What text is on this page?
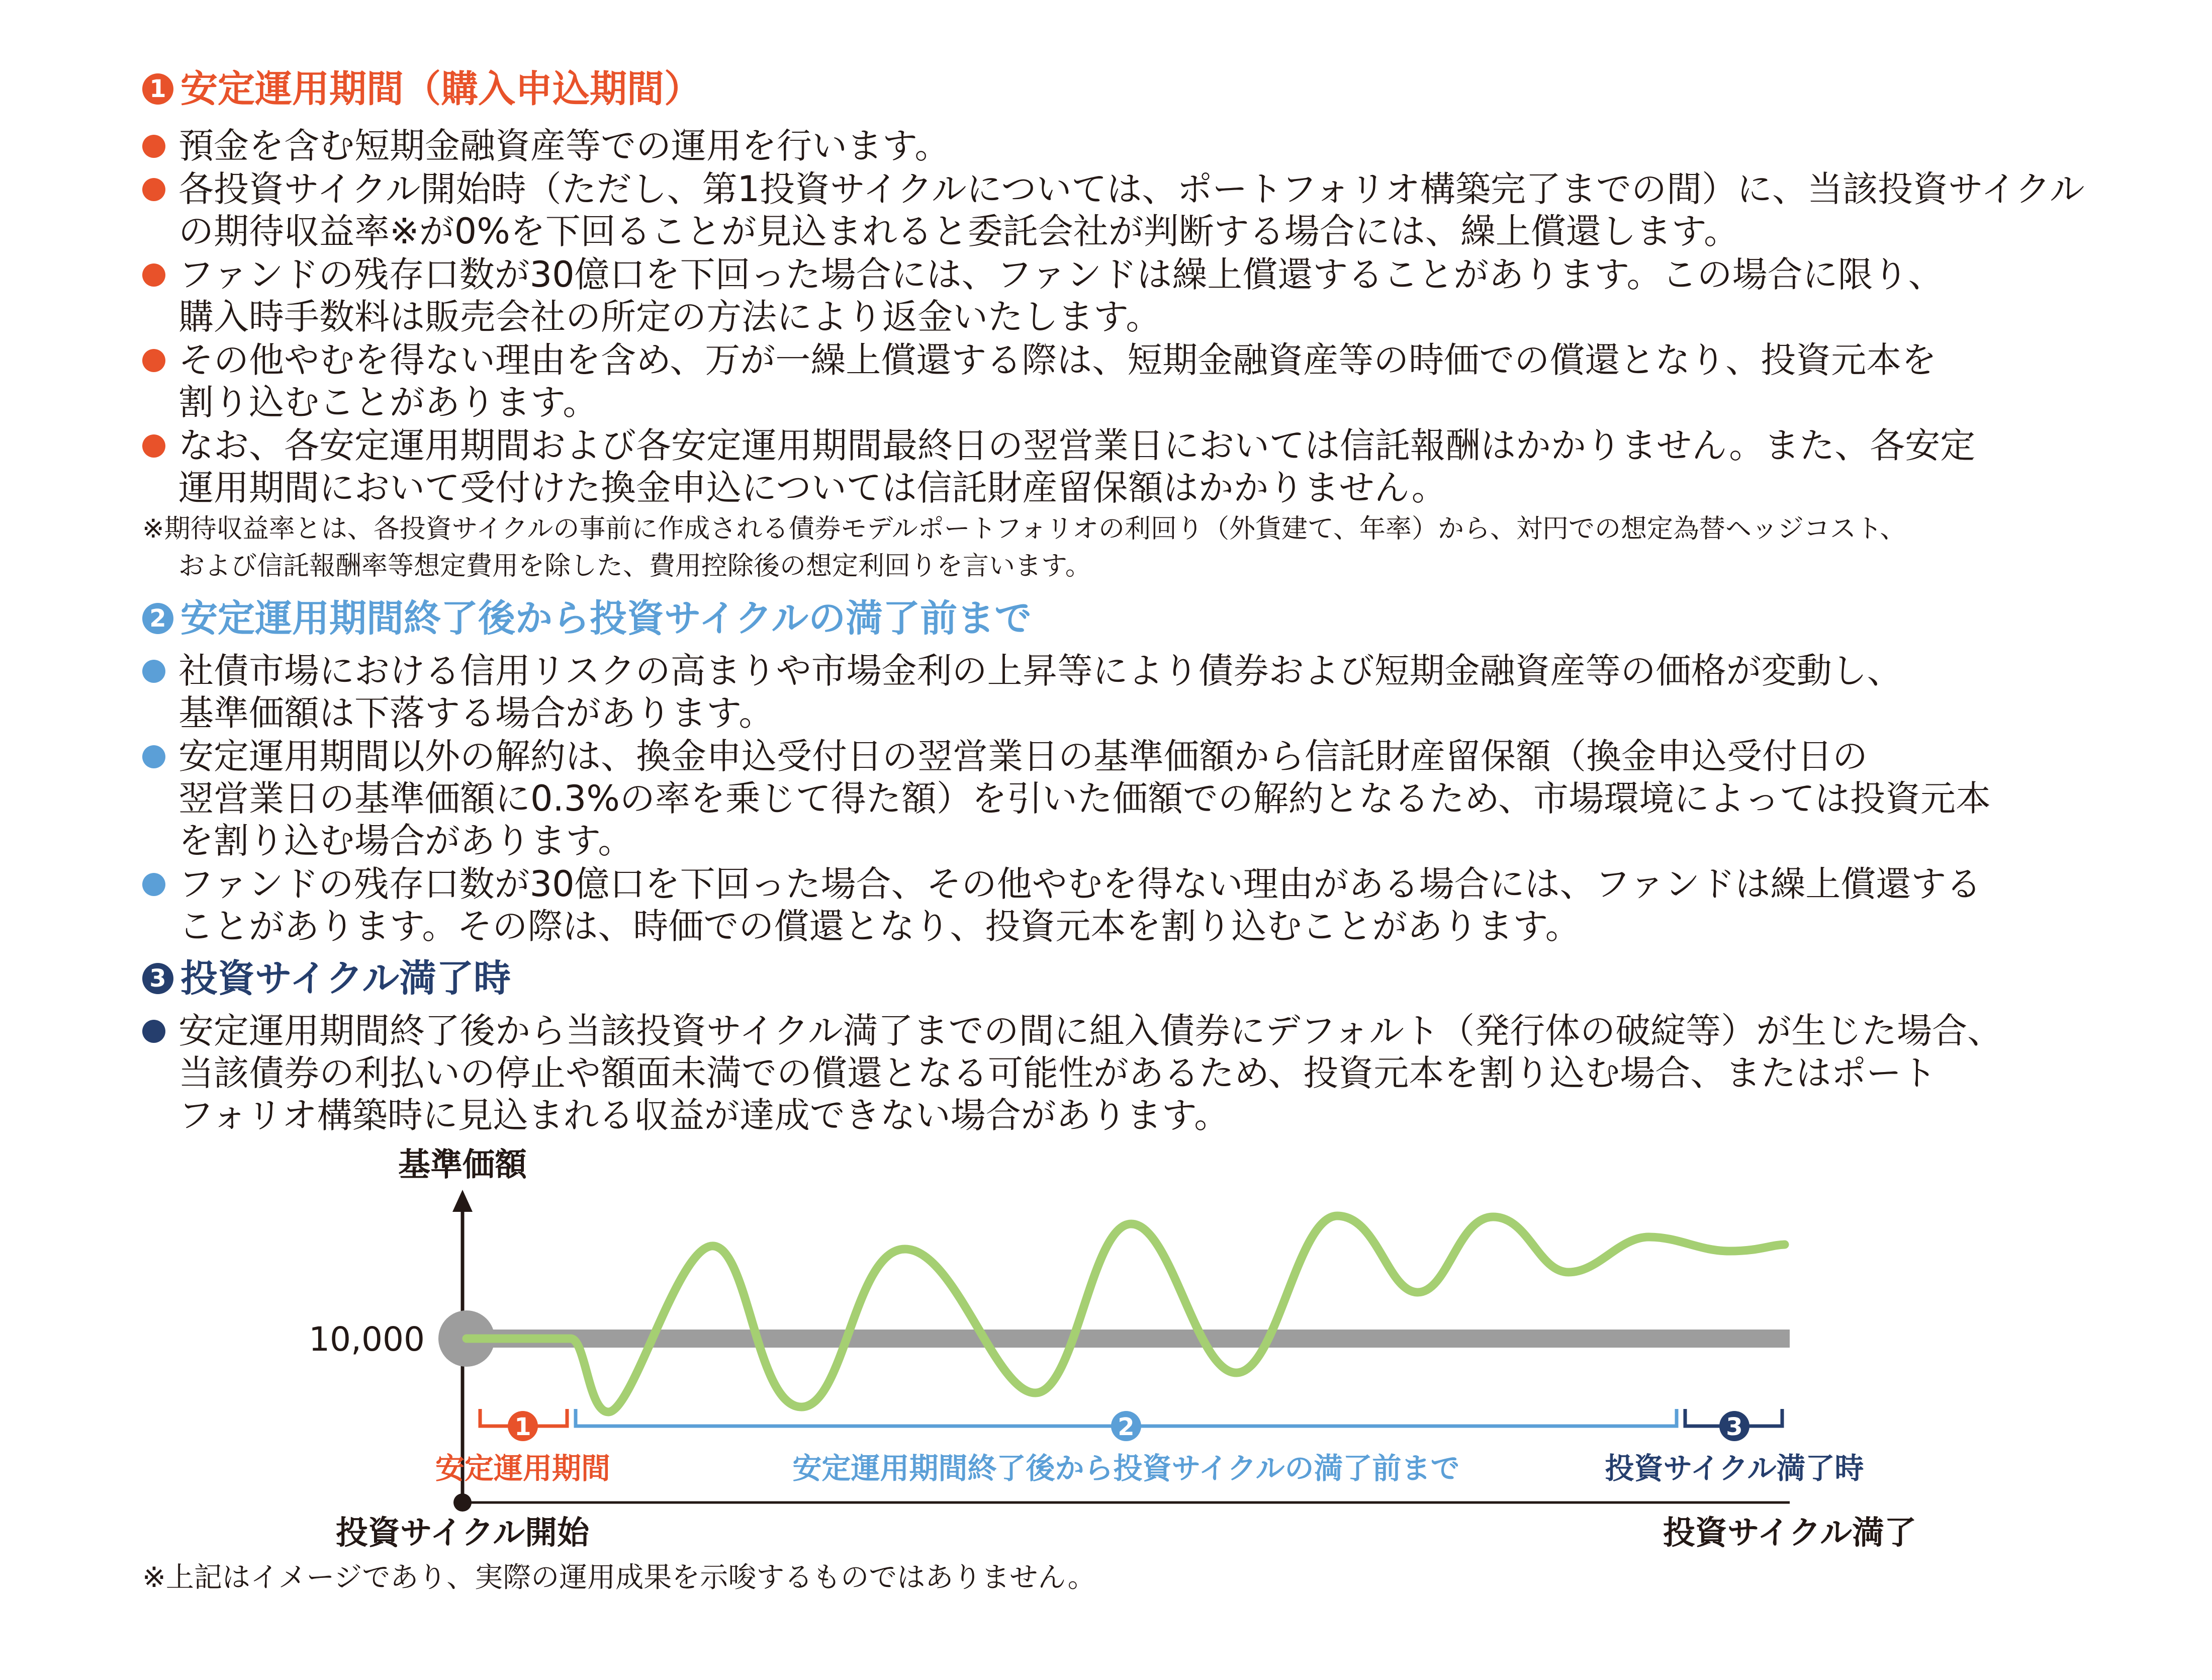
1 安定運用期間（購入申込期間）
預金を含む短期金融資産等での運用を行います。
各投資サイクル開始時（ただし、第1投資サイクルについては、ポートフォリオ構築完了までの間）に、当該投資サイクル
の期待収益率※が0%を下回ることが見込まれると委託会社が判断する場合には、繰上償還します。
ファンドの残存口数が30億口を下回った場合には、ファンドは繰上償還することがあります。この場合に限り、
購入時手数料は販売会社の所定の方法により返金いたします。
その他やむを得ない理由を含め、万が一繰上償還する際は、短期金融資産等の時価での償還となり、投資元本を
割り込むことがあります。
なお、各安定運用期間および各安定運用期間最終日の翌営業日においては信託報酬はかかりません。また、各安定
運用期間において受付けた換金申込については信託財産留保額はかかりません。
※期待収益率とは、各投資サイクルの事前に作成される債券モデルポートフォリオの利回り（外貨建て、年率）から、対円での想定為替ヘッジコスト、
および信託報酬率等想定費用を除した、費用控除後の想定利回りを言います。
2 安定運用期間終了後から投資サイクルの満了前まで
社債市場における信用リスクの高まりや市場金利の上昇等により債券および短期金融資産等の価格が変動し、
基準価額は下落する場合があります。
安定運用期間以外の解約は、換金申込受付日の翌営業日の基準価額から信託財産留保額（換金申込受付日の
翌営業日の基準価額に0.3%の率を乗じて得た額）を引いた価額での解約となるため、市場環境によっては投資元本
を割り込む場合があります。
ファンドの残存口数が30億口を下回った場合、その他やむを得ない理由がある場合には、ファンドは繰上償還する
ことがあります。その際は、時価での償還となり、投資元本を割り込むことがあります。
3 投資サイクル満了時
安定運用期間終了後から当該投資サイクル満了までの間に組入債券にデフォルト（発行体の破綻等）が生じた場合、
当該債券の利払いの停止や額面未満での償還となる可能性があるため、投資元本を割り込む場合、またはポート
フォリオ構築時に見込まれる収益が達成できない場合があります。
基準価額
10,000
1
安定運用期間
2
安定運用期間終了後から投資サイクルの満了前まで
3
投資サイクル満了時
投資サイクル開始	投資サイクル満了
※上記はイメージであり、実際の運用成果を示唆するものではありません。
